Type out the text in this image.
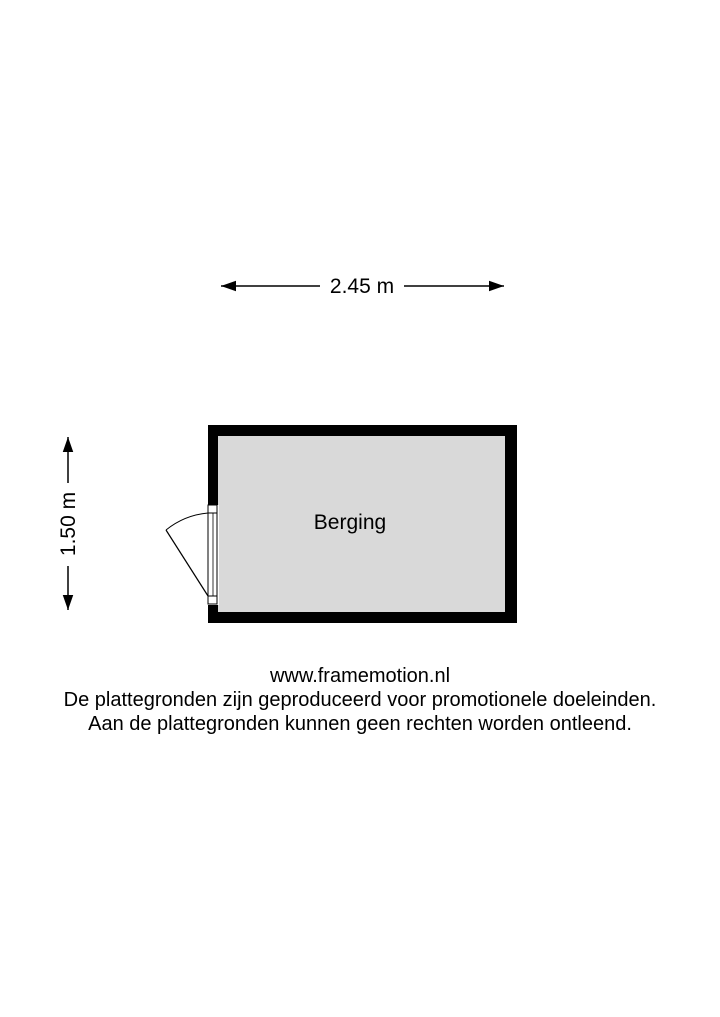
2.45 m
1.50 m	Berging
www.framemotion.nl
De plattegronden zijn geproduceerd voor promotionele doeleinden.
Aan de plattegronden kunnen geen rechten worden ontleend.
